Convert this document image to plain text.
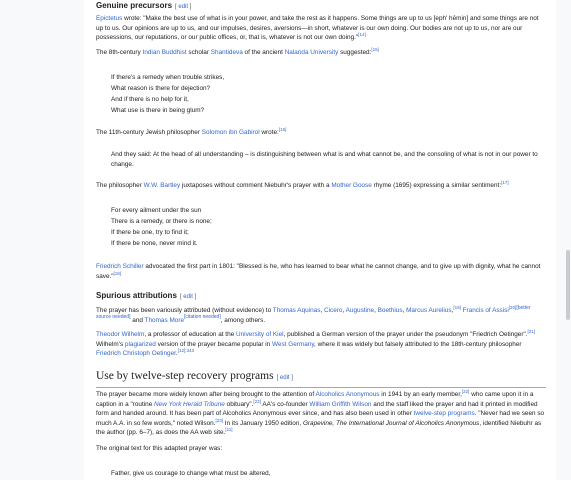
Genuine precursors [ edit ]

Epictetus wrote: "Make the best use of what is in your power, and take the rest as it happens. Some things are up to us [eph' hēmin] and some things are not up to us. Our opinions are up to us, and our impulses, desires, aversions—in short, whatever is our own doing. Our bodies are not up to us, nor are our possessions, our reputations, or our public offices, or, that is, whatever is not our own doing."[14]

The 8th-century Indian Buddhist scholar Shantideva of the ancient Nalanda University suggested:[15]

If there's a remedy when trouble strikes,
What reason is there for dejection?
And if there is no help for it,
What use is there in being glum?

The 11th-century Jewish philosopher Solomon ibn Gabirol wrote:[16]

And they said: At the head of all understanding – is distinguishing between what is and what cannot be, and the consoling of what is not in our power to change.

The philosopher W.W. Bartley juxtaposes without comment Niebuhr's prayer with a Mother Goose rhyme (1695) expressing a similar sentiment:[17]

For every ailment under the sun
There is a remedy, or there is none;
If there be one, try to find it;
If there be none, never mind it.

Friedrich Schiller advocated the first part in 1801: "Blessed is he, who has learned to bear what he cannot change, and to give up with dignity, what he cannot save."[18]

Spurious attributions [ edit ]

The prayer has been variously attributed (without evidence) to Thomas Aquinas, Cicero, Augustine, Boethius, Marcus Aurelius,[19] Francis of Assisi[20][better source needed] and Thomas More[citation needed], among others.

Theodor Wilhelm, a professor of education at the University of Kiel, published a German version of the prayer under the pseudonym "Friedrich Oetinger".[21] Wilhelm's plagiarized version of the prayer became popular in West Germany, where it was widely but falsely attributed to the 18th-century philosopher Friedrich Christoph Oetinger.$^{[12]:343}$

Use by twelve-step recovery programs [ edit ]

The prayer became more widely known after being brought to the attention of Alcoholics Anonymous in 1941 by an early member,[22] who came upon it in a caption in a "routine New York Herald Tribune obituary".[23] AA's co-founder William Griffith Wilson and the staff liked the prayer and had it printed in modified form and handed around. It has been part of Alcoholics Anonymous ever since, and has also been used in other twelve-step programs. "Never had we seen so much A.A. in so few words," noted Wilson.[23] In its January 1950 edition, Grapevine, The International Journal of Alcoholics Anonymous, identified Niebuhr as the author (pp. 6–7), as does the AA web site.[11]

The original text for this adapted prayer was:

Father, give us courage to change what must be altered,
